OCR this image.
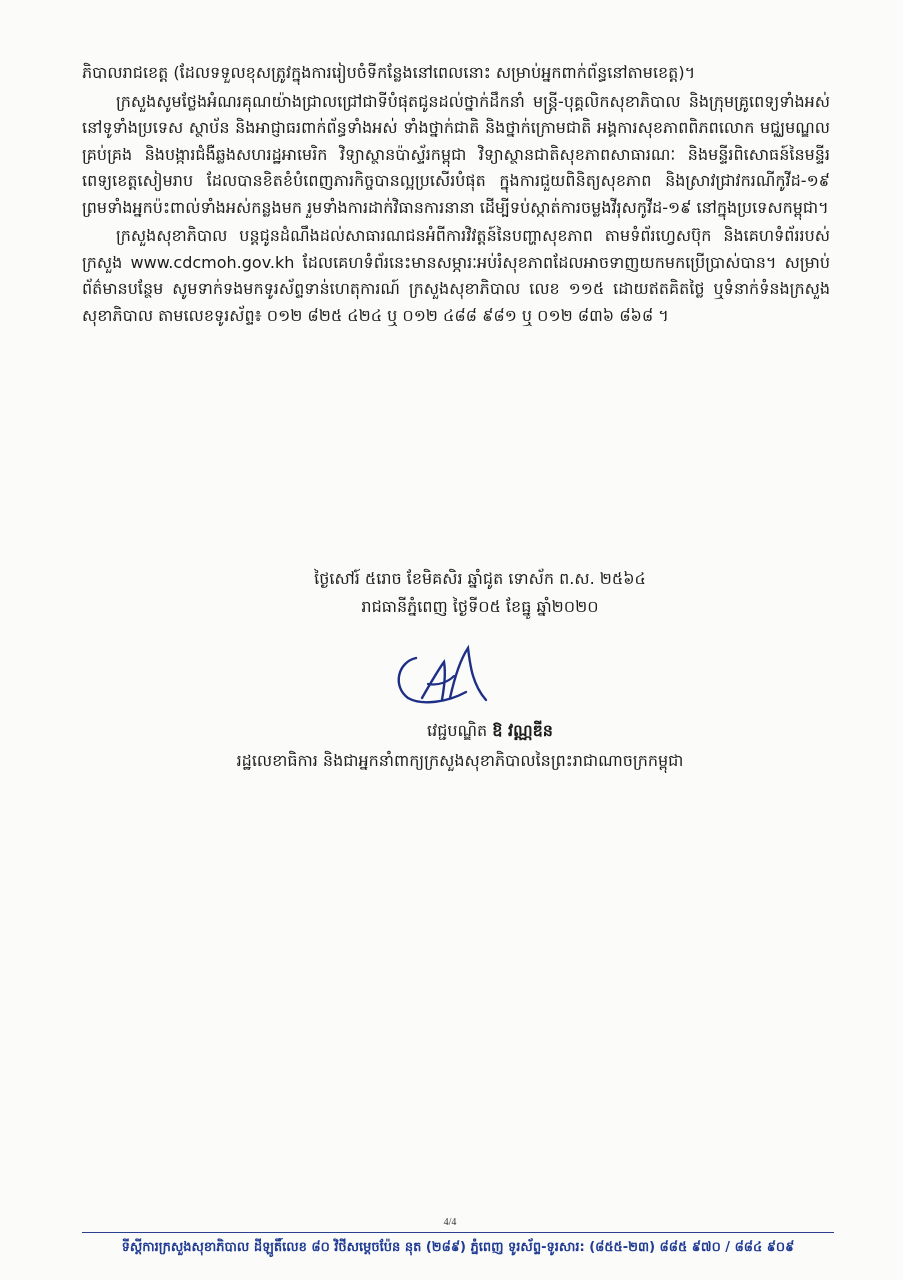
ភិបាលរាជខេត្ត (ដែលទទួលខុសត្រូវក្នុងការរៀបចំទីកន្លែងនៅពេលនោះ សម្រាប់អ្នកពាក់ព័ន្ធនៅតាមខេត្ត)។

ក្រសួងសូមថ្លែងអំណរគុណយ៉ាងជ្រាលជ្រៅជាទីបំផុតជូនដល់ថ្នាក់ដឹកនាំ មន្ត្រី-បុគ្គលិកសុខាភិបាល និងក្រុមគ្រូពេទ្យទាំងអស់នៅទូទាំងប្រទេស ស្ថាប័ន និងអាជ្ញាធរពាក់ព័ន្ធទាំងអស់ ទាំងថ្នាក់ជាតិ និងថ្នាក់ក្រោមជាតិ អង្គការសុខភាពពិភពលោក មជ្ឈមណ្ឌលគ្រប់គ្រង និងបង្ការជំងឺឆ្លងសហរដ្ឋអាមេរិក វិទ្យាស្ថានប៉ាស្ទ័រកម្ពុជា វិទ្យាស្ថានជាតិសុខភាពសាធារណៈ និងមន្ទីរពិសោធន៍នៃមន្ទីរពេទ្យខេត្តសៀមរាប ដែលបានខិតខំបំពេញភារកិច្ចបានល្អប្រសើរបំផុត ក្នុងការជួយពិនិត្យសុខភាព និងស្រាវជ្រាវករណីកូវីដ-១៩ ព្រមទាំងអ្នកប៉ះពាល់ទាំងអស់កន្លងមក រួមទាំងការដាក់វិធានការនានា ដើម្បីទប់ស្កាត់ការចម្លងវីរុសកូវីដ-១៩ នៅក្នុងប្រទេសកម្ពុជា។

ក្រសួងសុខាភិបាល បន្តជូនដំណឹងដល់សាធារណជនអំពីការវិវត្តន៍នៃបញ្ហាសុខភាព តាមទំព័រហ្វេសប៊ុក និងគេហទំព័ររបស់ក្រសួង www.cdcmoh.gov.kh ដែលគេហទំព័រនេះមានសម្ភារៈអប់រំសុខភាពដែលអាចទាញយកមកប្រើប្រាស់បាន។ សម្រាប់ព័ត៌មានបន្ថែម សូមទាក់ទងមកទូរស័ព្ទទាន់ហេតុការណ៍ ក្រសួងសុខាភិបាល លេខ ១១៥ ដោយឥតគិតថ្លៃ ឬទំនាក់ទំនងក្រសួងសុខាភិបាល តាមលេខទូរស័ព្ទ៖ ០១២ ៨២៥ ៤២៤ ឬ ០១២ ៤៨៨ ៩៨១ ឬ ០១២ ៨៣៦ ៨៦៨ ។

ថ្ងៃសៅរ៍ ៥រោច ខែមិគសិរ ឆ្នាំជូត ទោស័ក ព.ស. ២៥៦៤

រាជធានីភ្នំពេញ ថ្ងៃទី០៥ ខែធ្នូ ឆ្នាំ២០២០

វេជ្ជបណ្ឌិត ឱ វណ្ណឌីន

រដ្ឋលេខាធិការ និងជាអ្នកនាំពាក្យក្រសួងសុខាភិបាលនៃព្រះរាជាណាចក្រកម្ពុជា

4/4
ទីស្តីការក្រសួងសុខាភិបាល ដីឡូតិ៍លេខ ៨០ វិថីសម្តេចប៉ែន នុត (២៨៩) ភ្នំពេញ ទូរស័ព្ទ-ទូរសារ: (៨៥៥-២៣) ៨៨៥ ៩៧០ / ៨៨៤ ៩០៩
